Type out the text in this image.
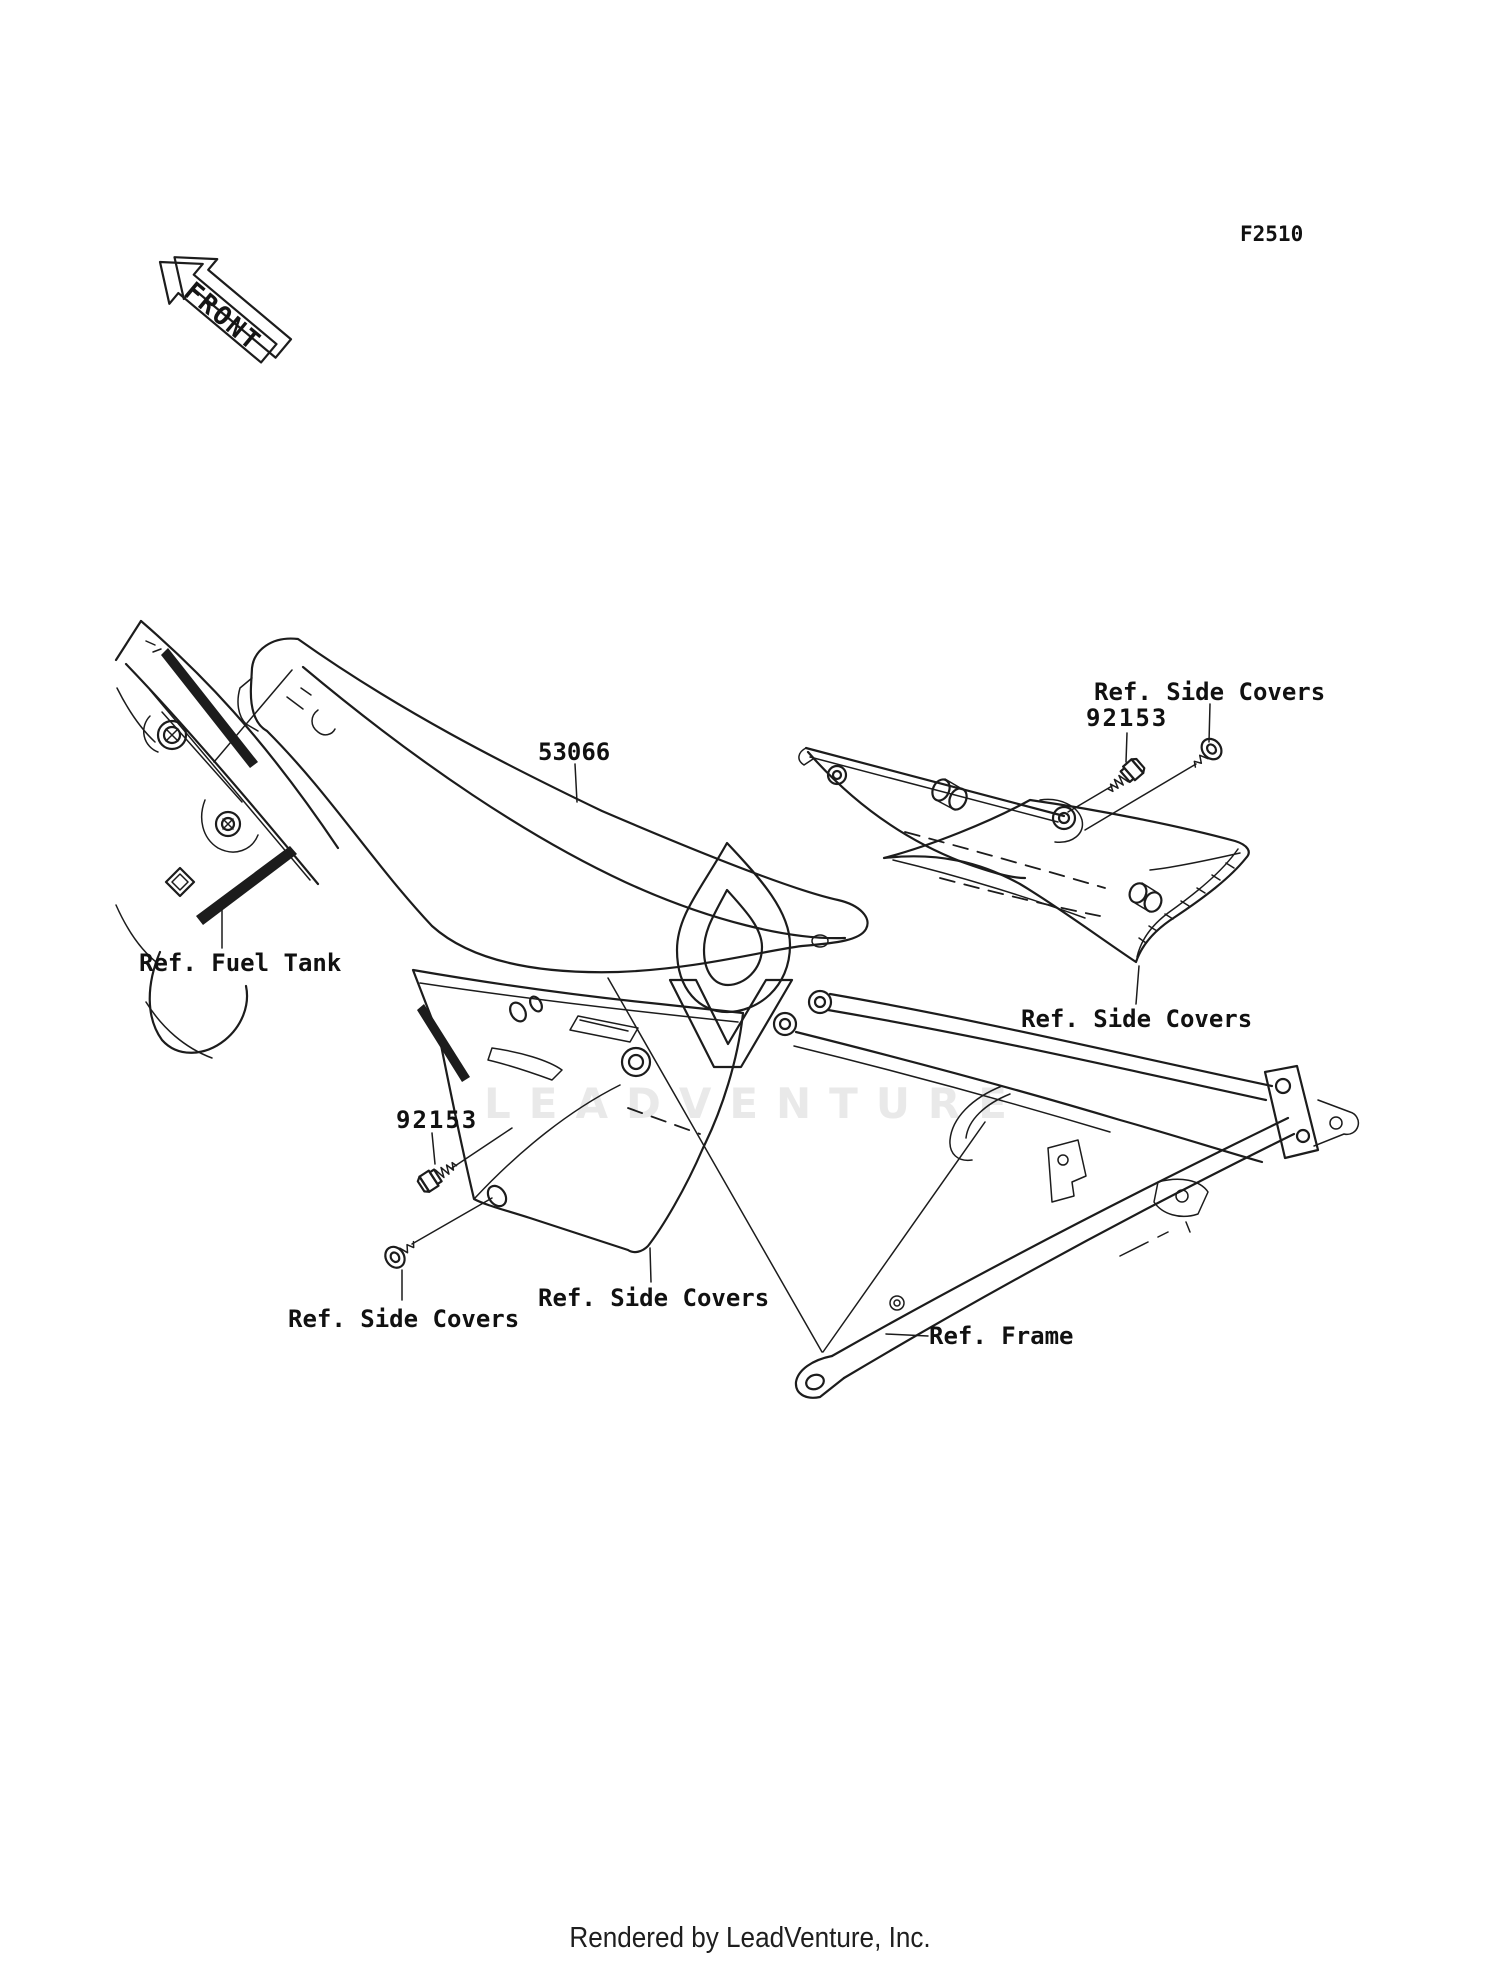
LEADVENTURE
FRONT
F2510
53066
92153
92153
Ref. Side Covers
Ref. Side Covers
Ref. Side Covers
Ref. Side Covers
Ref. Fuel Tank
Ref. Frame
Rendered by LeadVenture, Inc.
